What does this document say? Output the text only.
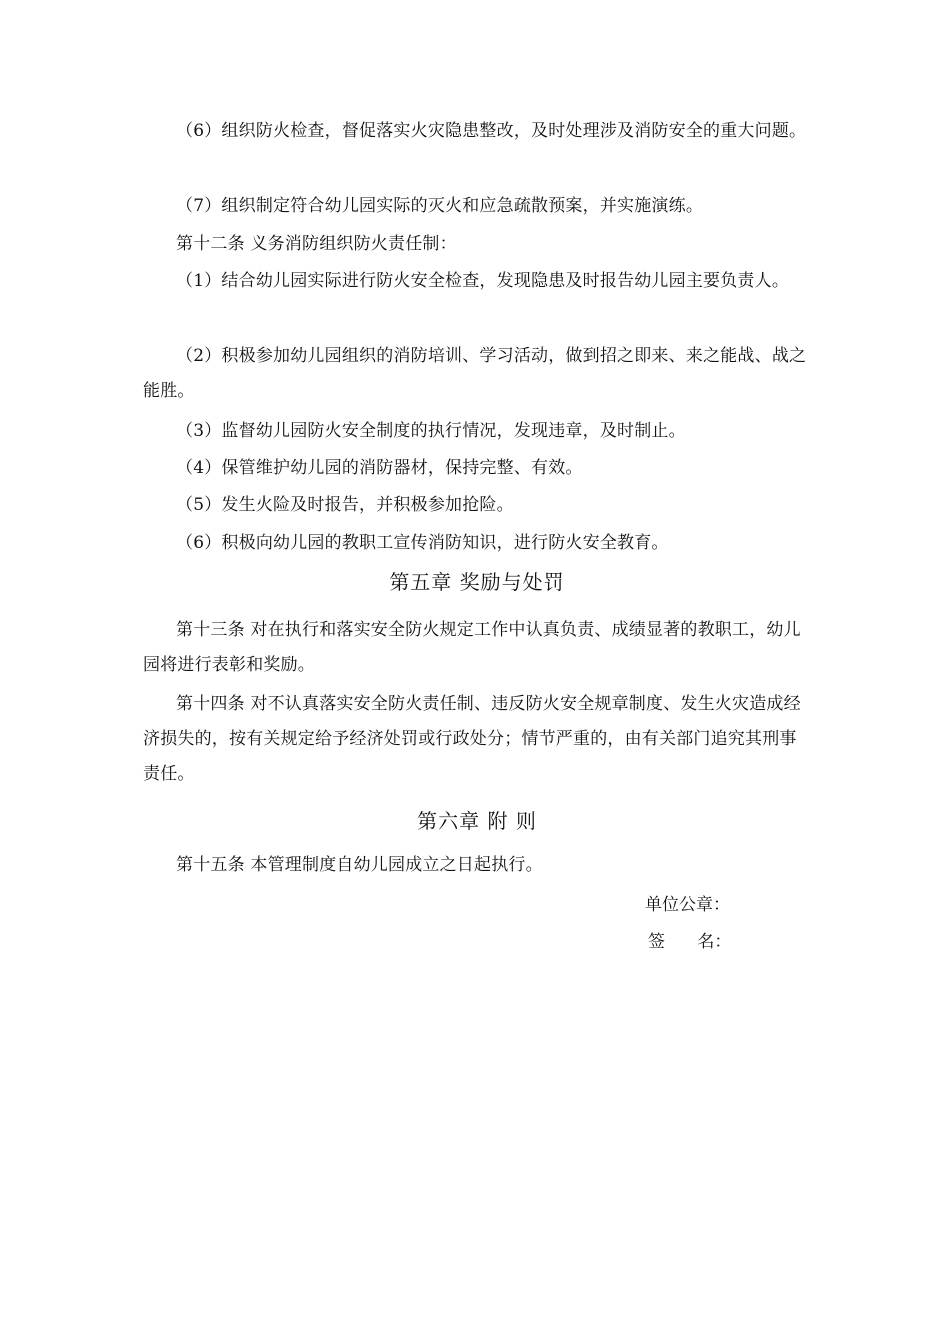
（6）组织防火检查，督促落实火灾隐患整改，及时处理涉及消防安全的重大问题。
（7）组织制定符合幼儿园实际的灭火和应急疏散预案，并实施演练。
第十二条 义务消防组织防火责任制：
（1）结合幼儿园实际进行防火安全检查，发现隐患及时报告幼儿园主要负责人。
（2）积极参加幼儿园组织的消防培训、学习活动，做到招之即来、来之能战、战之能胜。
（3）监督幼儿园防火安全制度的执行情况，发现违章，及时制止。
（4）保管维护幼儿园的消防器材，保持完整、有效。
（5）发生火险及时报告，并积极参加抢险。
（6）积极向幼儿园的教职工宣传消防知识，进行防火安全教育。
第五章 奖励与处罚
第十三条 对在执行和落实安全防火规定工作中认真负责、成绩显著的教职工，幼儿园将进行表彰和奖励。
第十四条 对不认真落实安全防火责任制、违反防火安全规章制度、发生火灾造成经济损失的，按有关规定给予经济处罚或行政处分；情节严重的，由有关部门追究其刑事责任。
第六章 附 则
第十五条 本管理制度自幼儿园成立之日起执行。
单位公章：
签      名：
